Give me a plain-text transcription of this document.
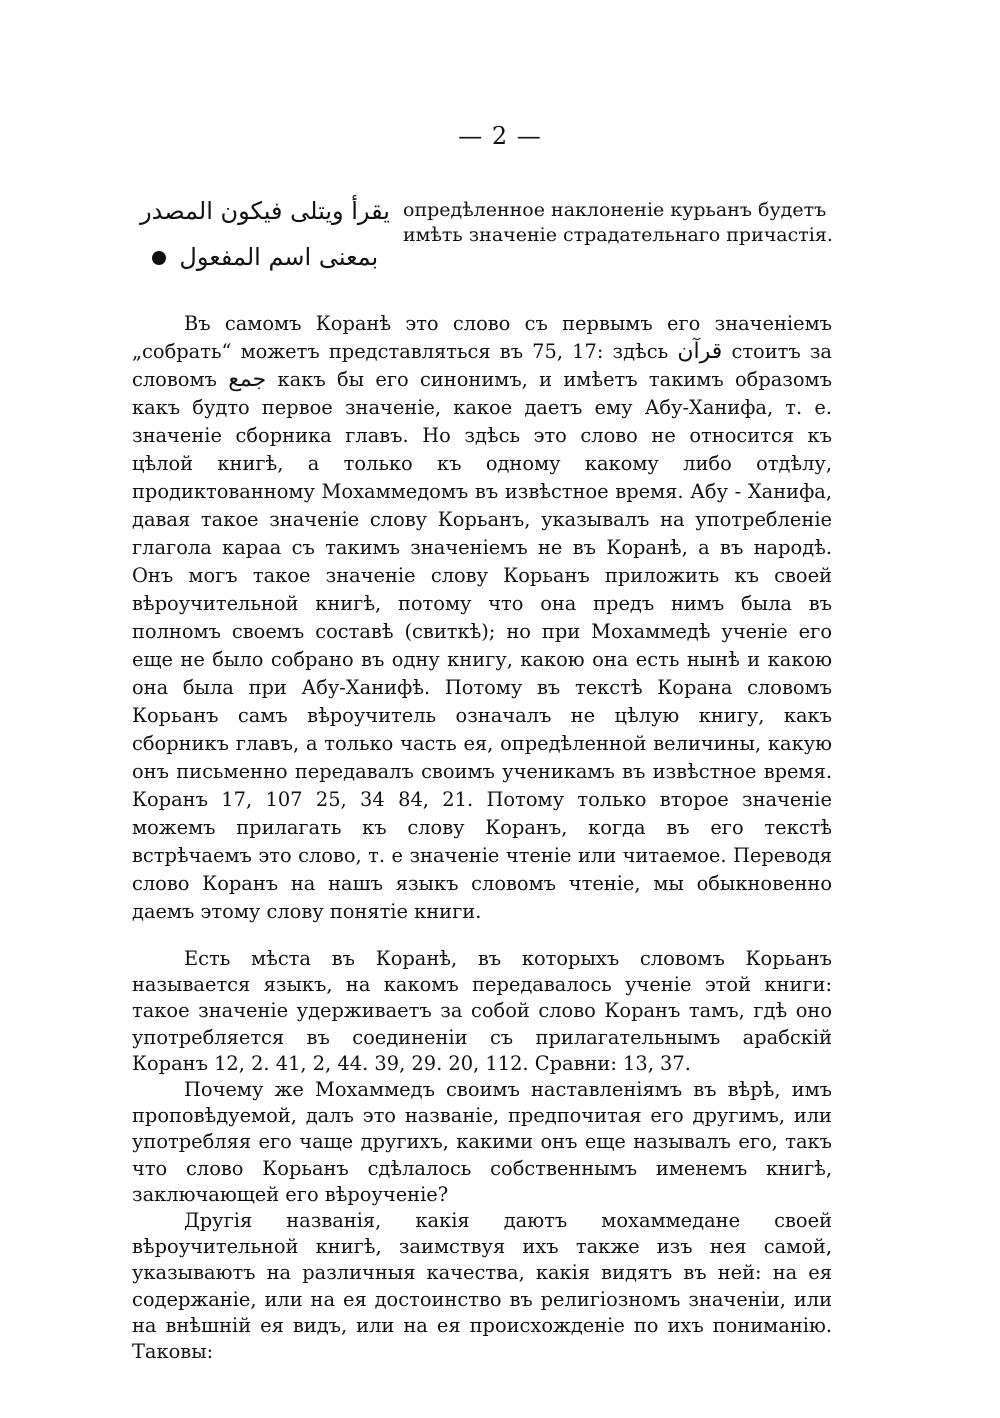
— 2 —
يقرأ ويتلى فيكون المصدر
بمعنى اسم المفعول
опредѣленное наклоненіе курьанъ будетъ имѣть значеніе страдательнаго причастія.

Въ самомъ Коранѣ это слово съ первымъ его значеніемъ „собрать“ можетъ представляться въ 75, 17: здѣсь قرآن стоитъ за словомъ جمع какъ бы его синонимъ, и имѣетъ такимъ образомъ какъ будто первое значеніе, какое даетъ ему Абу-Ханифа, т. е. значеніе сборника главъ. Но здѣсь это слово не относится къ цѣлой книгѣ, а только къ одному какому либо отдѣлу, продиктованному Мохаммедомъ въ извѣстное время. Абу - Ханифа, давая такое значеніе слову Корьанъ, указывалъ на употребленіе глагола караа съ такимъ значеніемъ не въ Коранѣ, а въ народѣ. Онъ могъ такое значеніе слову Корьанъ приложить къ своей вѣроучительной книгѣ, потому что она предъ нимъ была въ полномъ своемъ составѣ (свиткѣ); но при Мохаммедѣ ученіе его еще не было собрано въ одну книгу, какою она есть нынѣ и какою она была при Абу-Ханифѣ. Потому въ текстѣ Корана словомъ Корьанъ самъ вѣроучитель означалъ не цѣлую книгу, какъ сборникъ главъ, а только часть ея, опредѣленной величины, какую онъ письменно передавалъ своимъ ученикамъ въ извѣстное время. Коранъ 17, 107 25, 34 84, 21. Потому только второе значеніе можемъ прилагать къ слову Коранъ, когда въ его текстѣ встрѣчаемъ это слово, т. е значеніе чтеніе или читаемое. Переводя слово Коранъ на нашъ языкъ словомъ чтеніе, мы обыкновенно даемъ этому слову понятіе книги.

Есть мѣста въ Коранѣ, въ которыхъ словомъ Корьанъ называется языкъ, на какомъ передавалось ученіе этой книги: такое значеніе удерживаетъ за собой слово Коранъ тамъ, гдѣ оно употребляется въ соединеніи съ прилагательнымъ арабскій Коранъ 12, 2. 41, 2, 44. 39, 29. 20, 112. Сравни: 13, 37.

Почему же Мохаммедъ своимъ наставленіямъ въ вѣрѣ, имъ проповѣдуемой, далъ это названіе, предпочитая его другимъ, или употребляя его чаще другихъ, какими онъ еще называлъ его, такъ что слово Корьанъ сдѣлалось собственнымъ именемъ книгѣ, заключающей его вѣроученіе?

Другія названія, какія даютъ мохаммедане своей вѣроучительной книгѣ, заимствуя ихъ также изъ нея самой, указываютъ на различныя качества, какія видятъ въ ней: на ея содержаніе, или на ея достоинство въ религіозномъ значеніи, или на внѣшній ея видъ, или на ея происхожденіе по ихъ пониманію. Таковы:
